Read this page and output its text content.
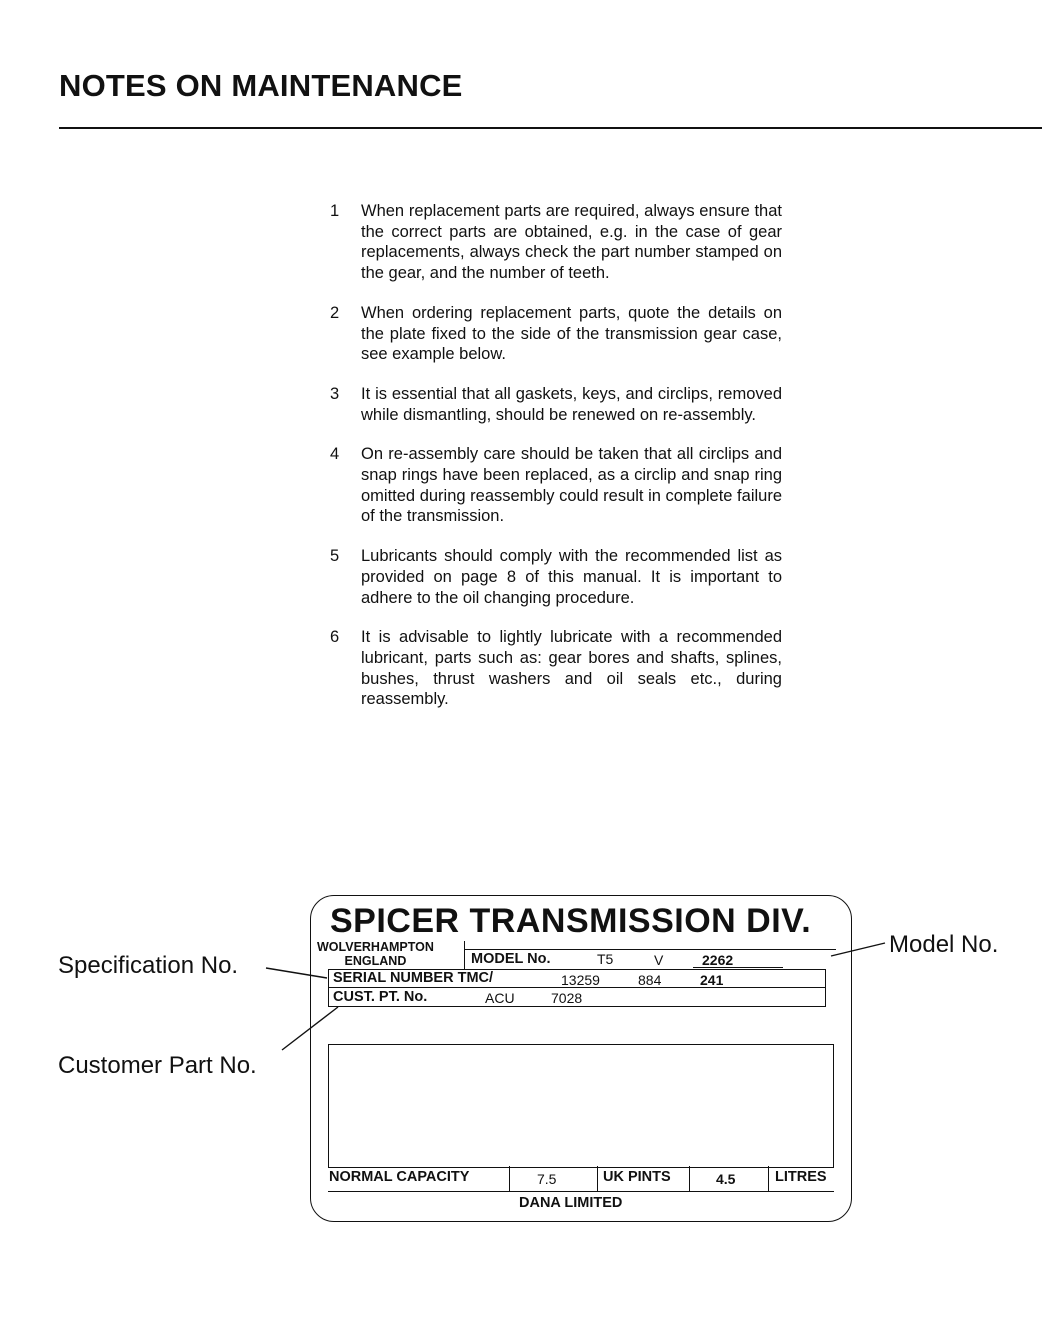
NOTES ON MAINTENANCE
1	When replacement parts are required, always ensure that the correct parts are obtained, e.g. in the case of gear replacements, always check the part number stamped on the gear, and the number of teeth.
2	When ordering replacement parts, quote the details on the plate fixed to the side of the transmission gear case, see example below.
3	It is essential that all gaskets, keys, and circlips, removed while dismantling, should be renewed on re-assembly.
4	On re-assembly care should be taken that all circlips and snap rings have been replaced, as a circlip and snap ring omitted during reassembly could result in complete failure of the transmission.
5	Lubricants should comply with the recommended list as provided on page 8 of this manual. It is important to adhere to the oil changing procedure.
6	It is advisable to lightly lubricate with a recommended lubricant, parts such as: gear bores and shafts, splines, bushes, thrust washers and oil seals etc., during reassembly.
SPICER TRANSMISSION DIV.
WOLVERHAMPTON
ENGLAND	MODEL No.	T5	V	2262
SERIAL NUMBER TMC/	13259	884	241
CUST. PT. No.	ACU	7028
NORMAL CAPACITY	7.5	UK PINTS	4.5	LITRES
DANA LIMITED
Model No.
Specification No.
Customer Part No.
